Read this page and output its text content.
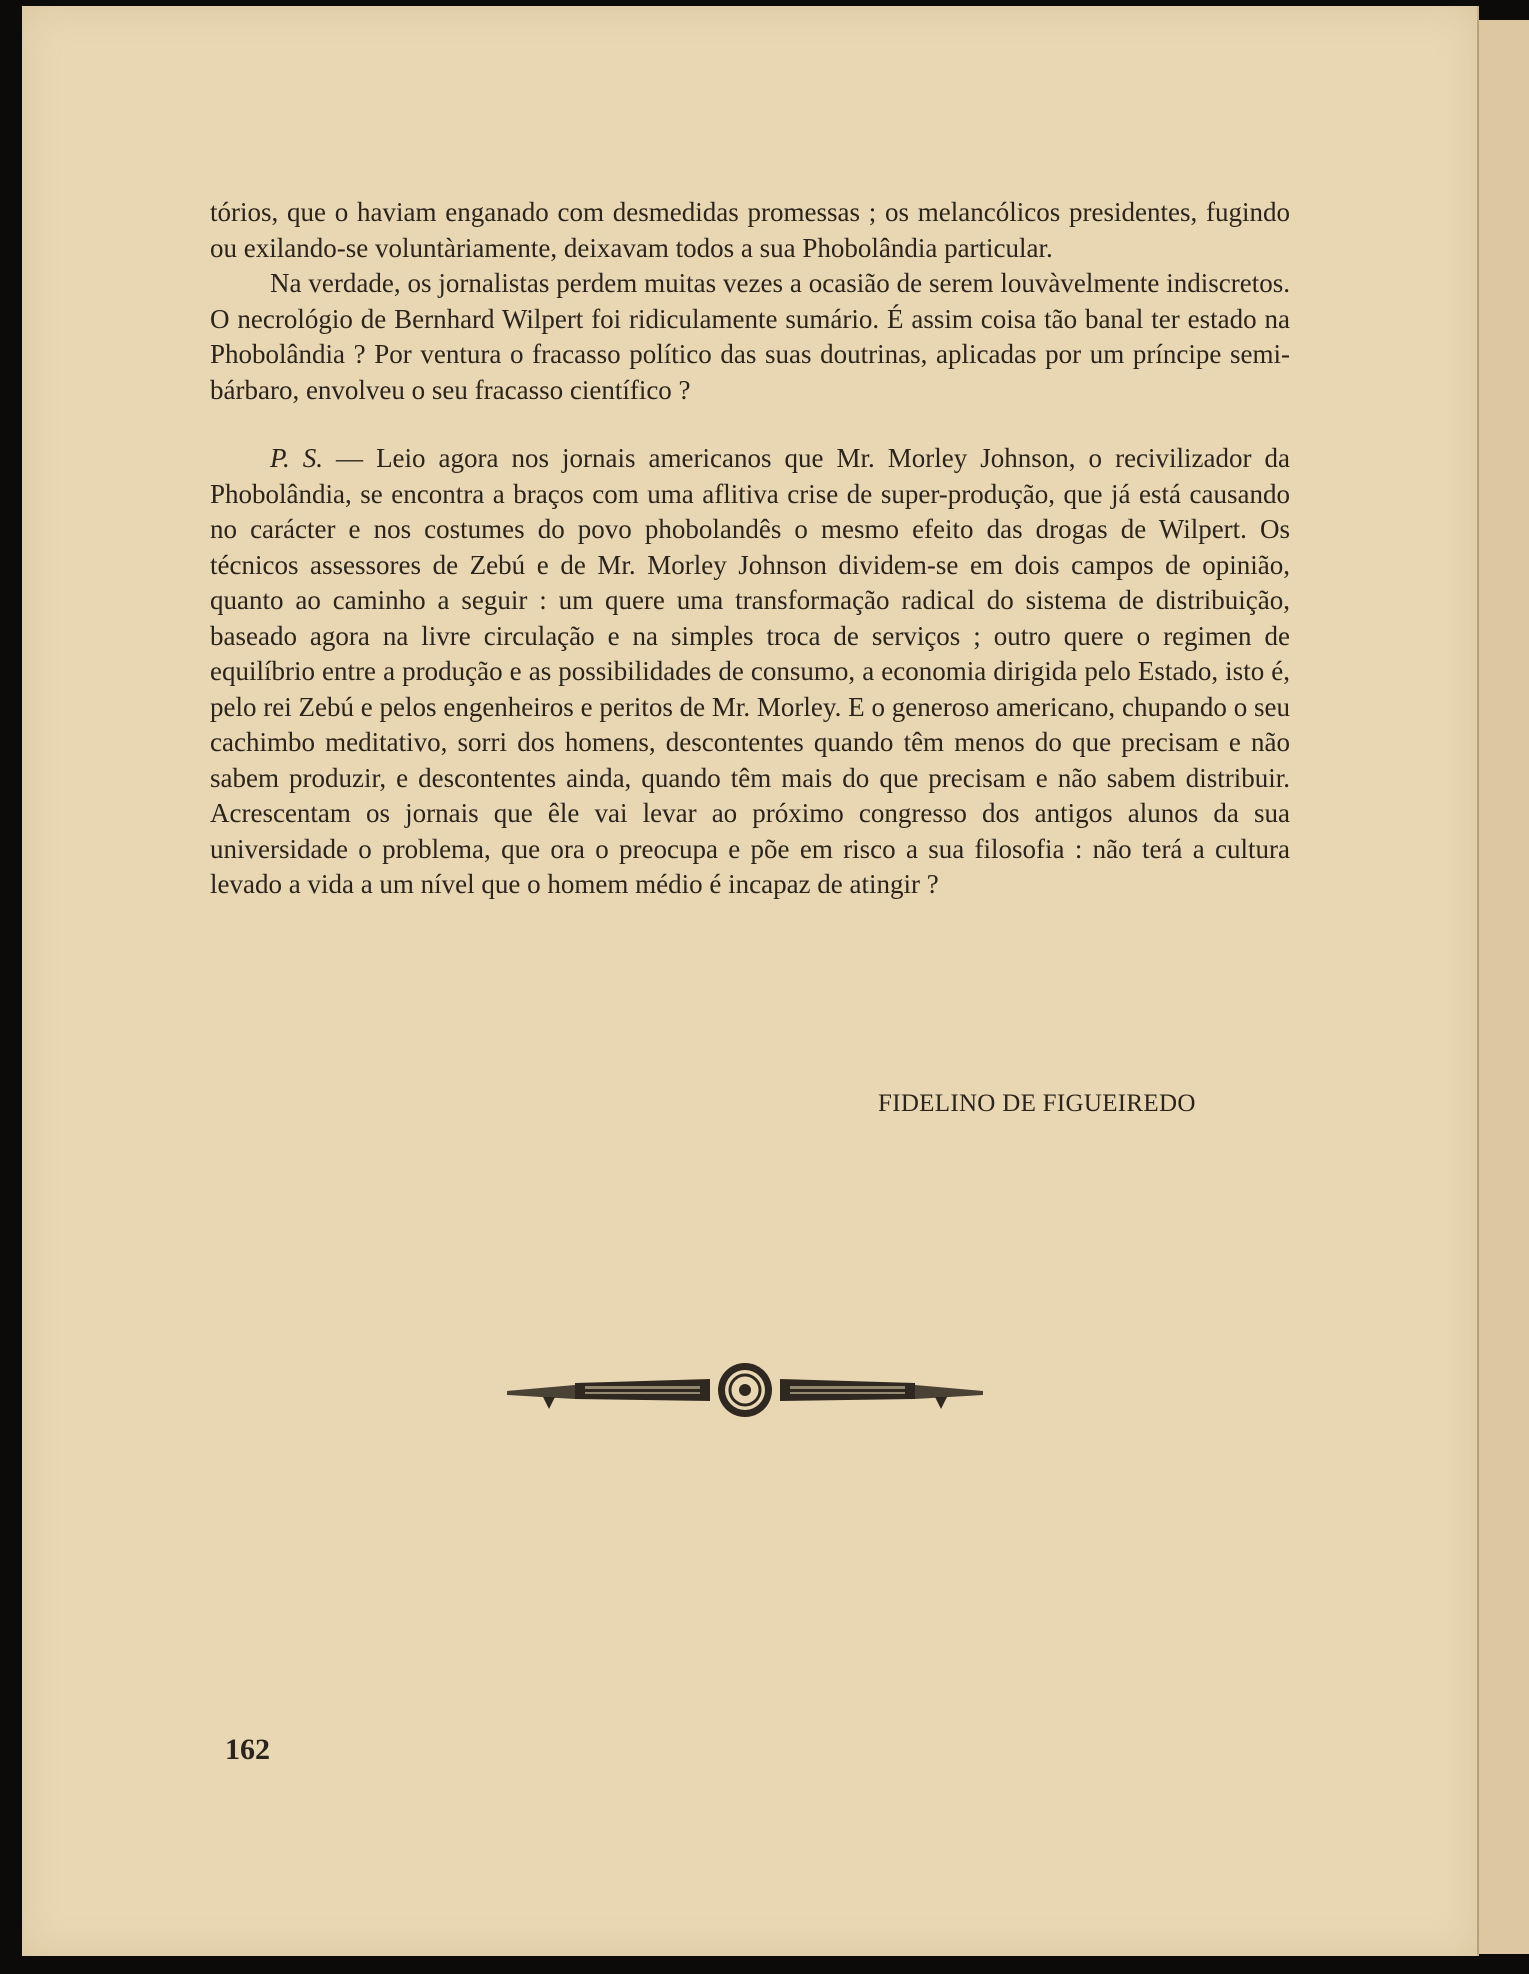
tórios, que o haviam enganado com desmedidas promessas ; os melancólicos presidentes, fugindo ou exilando-se voluntàriamente, deixavam todos a sua Phobolândia particular.

Na verdade, os jornalistas perdem muitas vezes a ocasião de serem louvàvelmente indiscretos. O necrológio de Bernhard Wilpert foi ridiculamente sumário. É assim coisa tão banal ter estado na Phobolândia ? Por ventura o fracasso político das suas doutrinas, aplicadas por um príncipe semi-bárbaro, envolveu o seu fracasso científico ?

P. S. — Leio agora nos jornais americanos que Mr. Morley Johnson, o recivilizador da Phobolândia, se encontra a braços com uma aflitiva crise de super-produção, que já está causando no carácter e nos costumes do povo phobolandês o mesmo efeito das drogas de Wilpert. Os técnicos assessores de Zebú e de Mr. Morley Johnson dividem-se em dois campos de opinião, quanto ao caminho a seguir : um quere uma transformação radical do sistema de distribuição, baseado agora na livre circulação e na simples troca de serviços ; outro quere o regimen de equilíbrio entre a produção e as possibilidades de consumo, a economia dirigida pelo Estado, isto é, pelo rei Zebú e pelos engenheiros e peritos de Mr. Morley. E o generoso americano, chupando o seu cachimbo meditativo, sorri dos homens, descontentes quando têm menos do que precisam e não sabem produzir, e descontentes ainda, quando têm mais do que precisam e não sabem distribuir. Acrescentam os jornais que êle vai levar ao próximo congresso dos antigos alunos da sua universidade o problema, que ora o preocupa e põe em risco a sua filosofia : não terá a cultura levado a vida a um nível que o homem médio é incapaz de atingir ?

FIDELINO DE FIGUEIREDO
162
